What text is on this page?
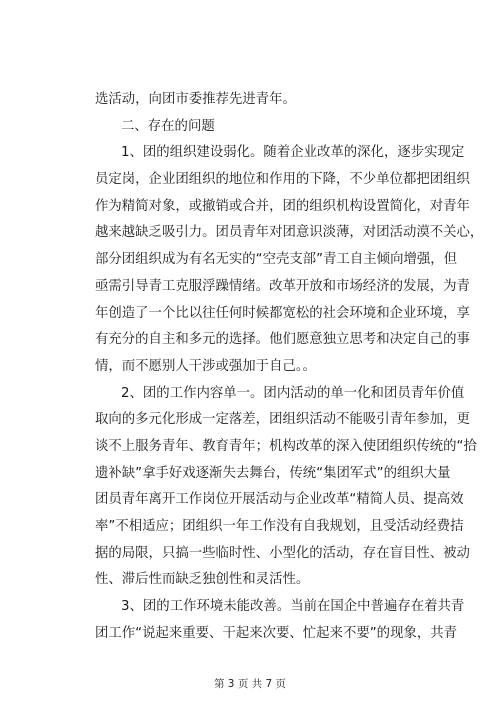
选活动，向团市委推荐先进青年。
二、存在的问题
1、团的组织建设弱化。随着企业改革的深化，逐步实现定
员定岗，企业团组织的地位和作用的下降，不少单位都把团组织
作为精简对象，或撤销或合并，团的组织机构设置简化，对青年
越来越缺乏吸引力。团员青年对团意识淡薄，对团活动漠不关心，
部分团组织成为有名无实的“空壳支部”青工自主倾向增强，但
亟需引导青工克服浮躁情绪。改革开放和市场经济的发展，为青
年创造了一个比以往任何时候都宽松的社会环境和企业环境，享
有充分的自主和多元的选择。他们愿意独立思考和决定自己的事
情，而不愿别人干涉或强加于自己。。
2、团的工作内容单一。团内活动的单一化和团员青年价值
取向的多元化形成一定落差，团组织活动不能吸引青年参加，更
谈不上服务青年、教育青年；机构改革的深入使团组织传统的“拾
遗补缺”拿手好戏逐渐失去舞台，传统“集团军式”的组织大量
团员青年离开工作岗位开展活动与企业改革“精简人员、提高效
率”不相适应；团组织一年工作没有自我规划，且受活动经费拮
据的局限，只搞一些临时性、小型化的活动，存在盲目性、被动
性、滞后性而缺乏独创性和灵活性。
3、团的工作环境未能改善。当前在国企中普遍存在着共青
团工作“说起来重要、干起来次要、忙起来不要”的现象，共青
第 3 页 共 7 页
